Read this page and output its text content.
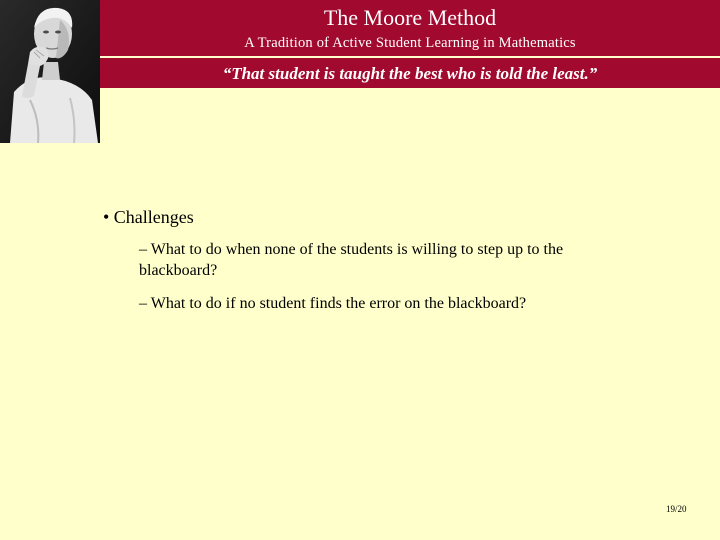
The Moore Method
A Tradition of Active Student Learning in Mathematics
“That student is taught the best who is told the least.”
• Challenges
– What to do when none of the students is willing to step up to the blackboard?
– What to do if no student finds the error on the blackboard?
19/20
